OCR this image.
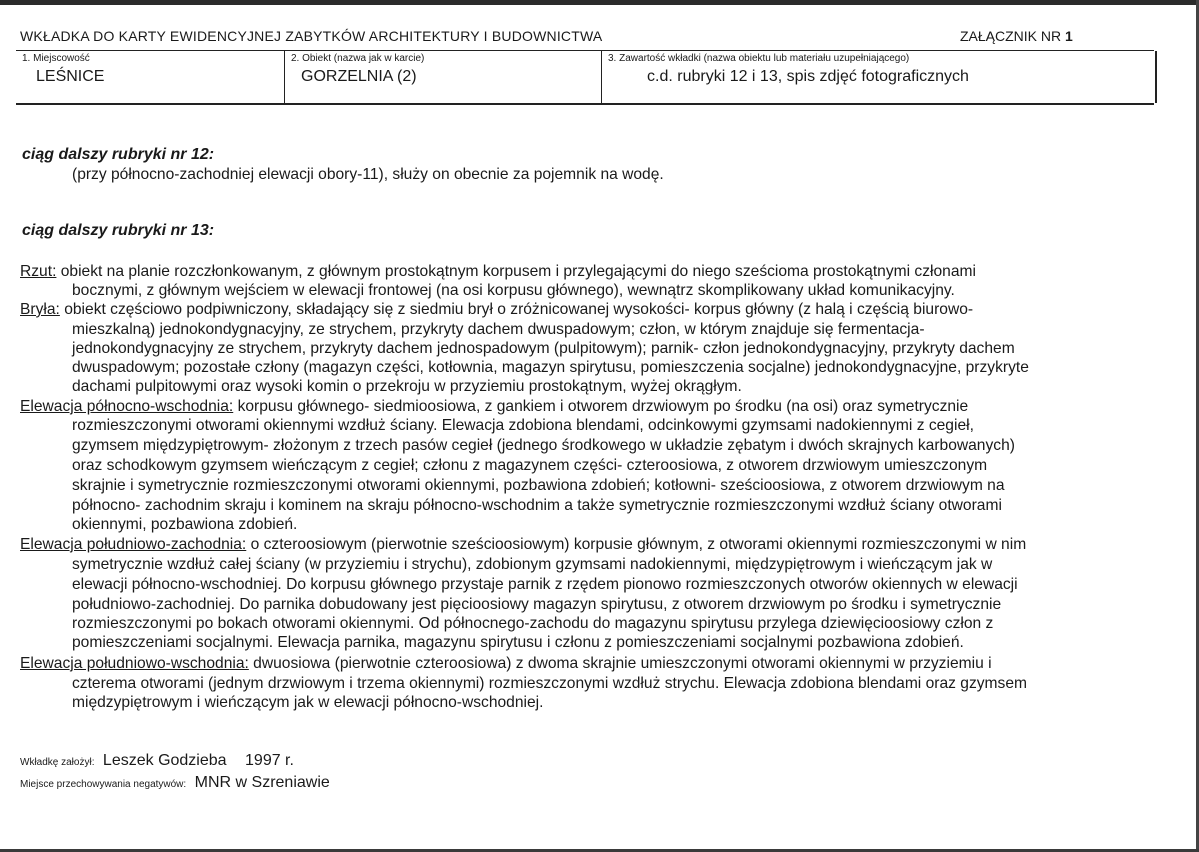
WKŁADKA DO KARTY EWIDENCYJNEJ ZABYTKÓW ARCHITEKTURY I BUDOWNICTWA	ZAŁĄCZNIK NR 1
1. Miejscowość
LEŚNICE
2. Obiekt (nazwa jak w karcie)
GORZELNIA (2)
3. Zawartość wkładki (nazwa obiektu lub materiału uzupełniającego)
c.d. rubryki 12 i 13, spis zdjęć fotograficznych
ciąg dalszy rubryki nr 12:
(przy północno-zachodniej elewacji obory-11), służy on obecnie za pojemnik na wodę.
ciąg dalszy rubryki nr 13:
Rzut: obiekt na planie rozczłonkowanym, z głównym prostokątnym korpusem i przylegającymi do niego sześcioma prostokątnymi członami
bocznymi, z głównym wejściem w elewacji frontowej (na osi korpusu głównego), wewnątrz skomplikowany układ komunikacyjny.
Bryła: obiekt częściowo podpiwniczony, składający się z siedmiu brył o zróżnicowanej wysokości- korpus główny (z halą i częścią biurowo-
mieszkalną) jednokondygnacyjny, ze strychem, przykryty dachem dwuspadowym; człon, w którym znajduje się fermentacja-
jednokondygnacyjny ze strychem, przykryty dachem jednospadowym (pulpitowym); parnik- człon jednokondygnacyjny, przykryty dachem
dwuspadowym; pozostałe człony (magazyn części, kotłownia, magazyn spirytusu, pomieszczenia socjalne) jednokondygnacyjne, przykryte
dachami pulpitowymi oraz wysoki komin o przekroju w przyziemiu prostokątnym, wyżej okrągłym.
Elewacja północno-wschodnia: korpusu głównego- siedmioosiowa, z gankiem i otworem drzwiowym po środku (na osi) oraz symetrycznie
rozmieszczonymi otworami okiennymi wzdłuż ściany. Elewacja zdobiona blendami, odcinkowymi gzymsami nadokiennymi z cegieł,
gzymsem międzypiętrowym- złożonym z trzech pasów cegieł (jednego środkowego w układzie zębatym i dwóch skrajnych karbowanych)
oraz schodkowym gzymsem wieńczącym z cegieł; członu z magazynem części- czteroosiowa, z otworem drzwiowym umieszczonym
skrajnie i symetrycznie rozmieszczonymi otworami okiennymi, pozbawiona zdobień; kotłowni- sześcioosiowa, z otworem drzwiowym na
północno- zachodnim skraju i kominem na skraju północno-wschodnim a także symetrycznie rozmieszczonymi wzdłuż ściany otworami
okiennymi, pozbawiona zdobień.
Elewacja południowo-zachodnia: o czteroosiowym (pierwotnie sześcioosiowym) korpusie głównym, z otworami okiennymi rozmieszczonymi w nim
symetrycznie wzdłuż całej ściany (w przyziemiu i strychu), zdobionym gzymsami nadokiennymi, międzypiętrowym i wieńczącym jak w
elewacji północno-wschodniej. Do korpusu głównego przystaje parnik z rzędem pionowo rozmieszczonych otworów okiennych w elewacji
południowo-zachodniej. Do parnika dobudowany jest pięcioosiowy magazyn spirytusu, z otworem drzwiowym po środku i symetrycznie
rozmieszczonymi po bokach otworami okiennymi. Od północnego-zachodu do magazynu spirytusu przylega dziewięcioosiowy człon z
pomieszczeniami socjalnymi. Elewacja parnika, magazynu spirytusu i członu z pomieszczeniami socjalnymi pozbawiona zdobień.
Elewacja południowo-wschodnia: dwuosiowa (pierwotnie czteroosiowa) z dwoma skrajnie umieszczonymi otworami okiennymi w przyziemiu i
czterema otworami (jednym drzwiowym i trzema okiennymi) rozmieszczonymi wzdłuż strychu. Elewacja zdobiona blendami oraz gzymsem
międzypiętrowym i wieńczącym jak w elewacji północno-wschodniej.
Wkładkę założył: Leszek Godzieba 1997 r.
Miejsce przechowywania negatywów: MNR w Szreniawie
